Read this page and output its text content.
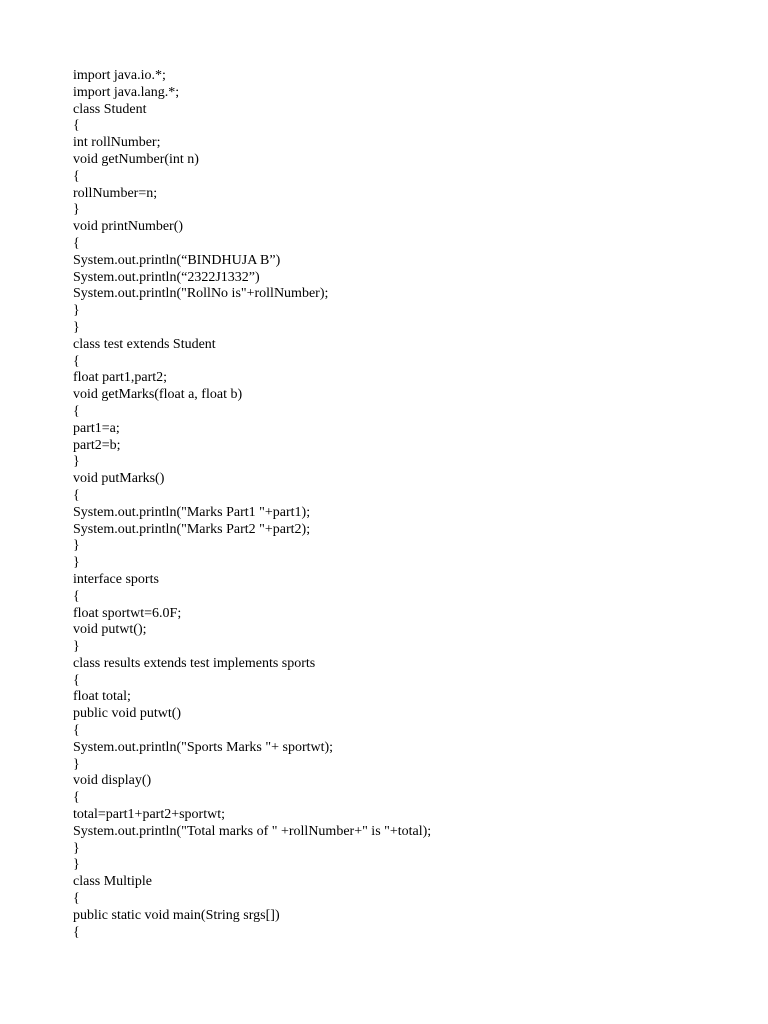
import java.io.*;
import java.lang.*;
class Student
{
int rollNumber;
void getNumber(int n)
{
rollNumber=n;
}
void printNumber()
{
System.out.println(“BINDHUJA B”)
System.out.println(“2322J1332”)
System.out.println("RollNo is"+rollNumber);
}
}
class test extends Student
{
float part1,part2;
void getMarks(float a, float b)
{
part1=a;
part2=b;
}
void putMarks()
{
System.out.println("Marks Part1 "+part1);
System.out.println("Marks Part2 "+part2);
}
}
interface sports
{
float sportwt=6.0F;
void putwt();
}
class results extends test implements sports
{
float total;
public void putwt()
{
System.out.println("Sports Marks "+ sportwt);
}
void display()
{
total=part1+part2+sportwt;
System.out.println("Total marks of " +rollNumber+" is "+total);
}
}
class Multiple
{
public static void main(String srgs[])
{
